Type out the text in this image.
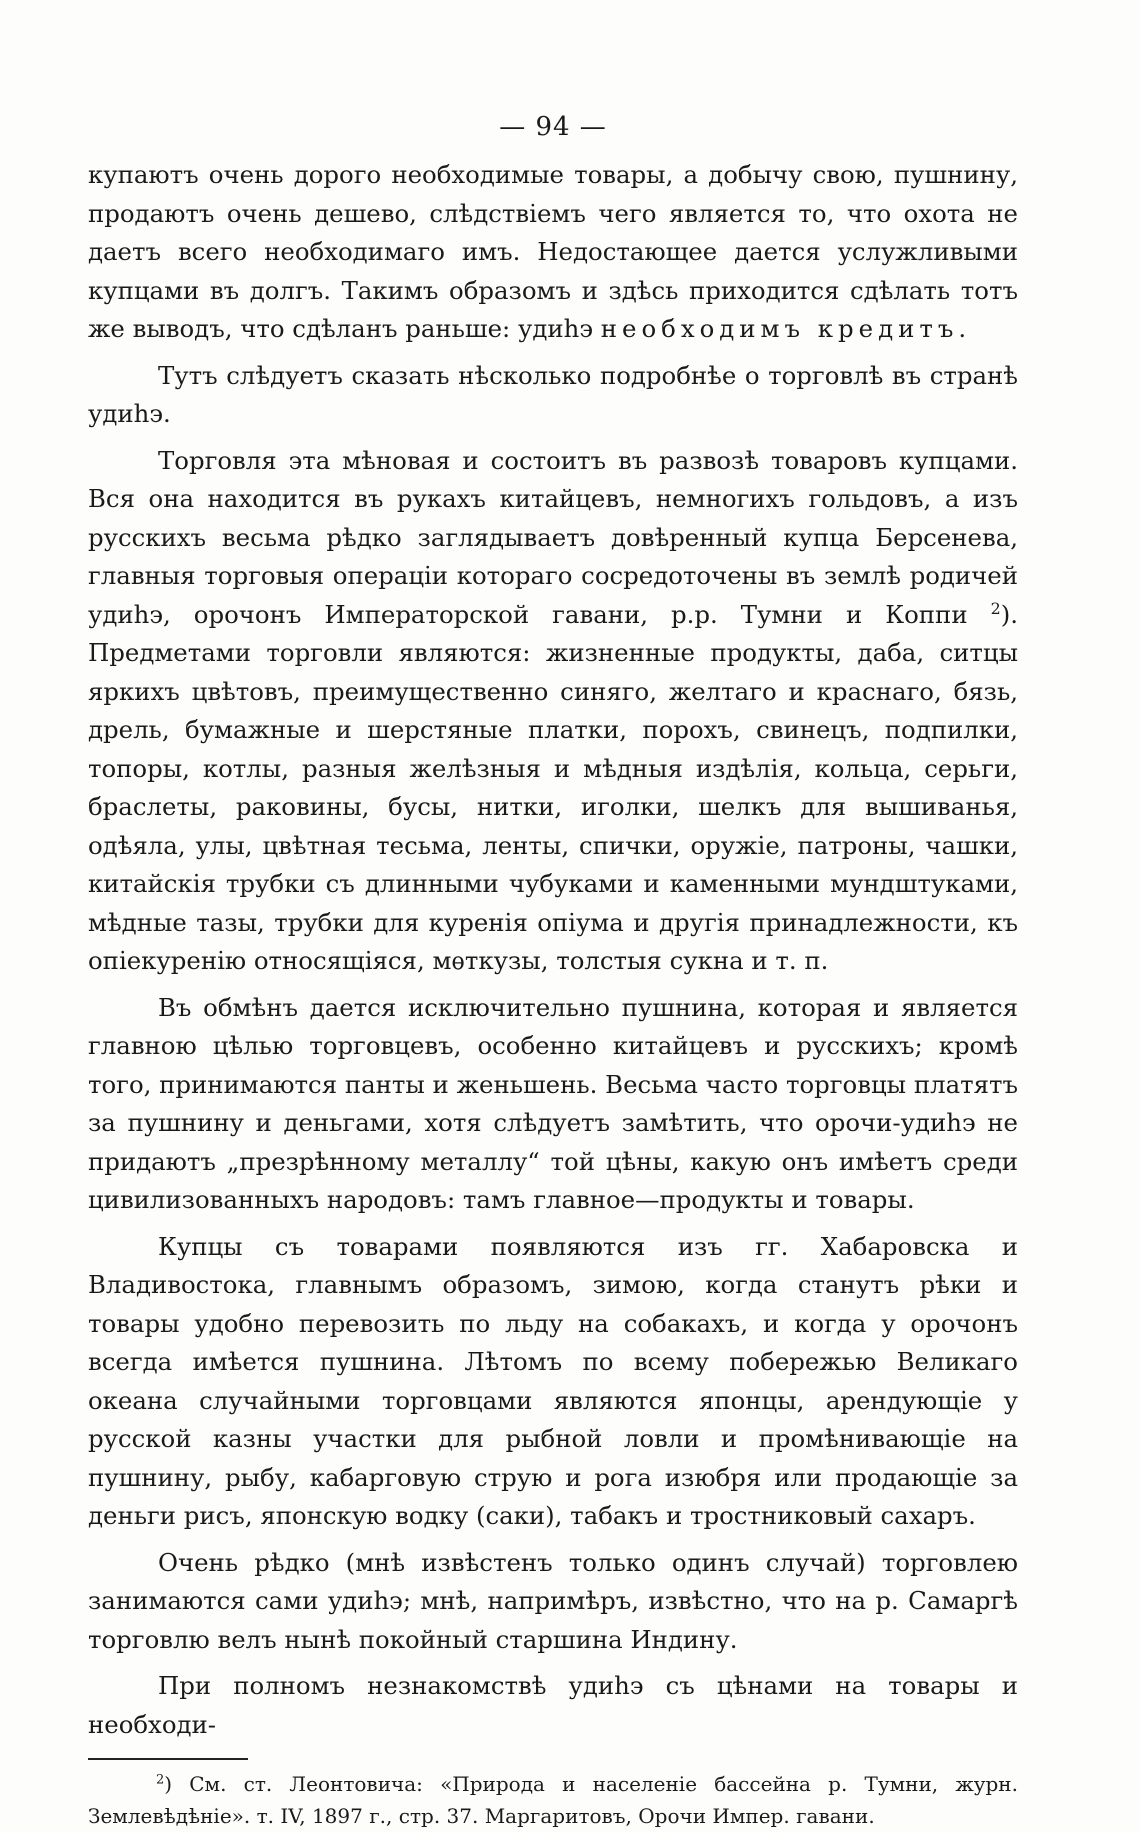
— 94 —

купаютъ очень дорого необходимые товары, а добычу свою, пушнину, продаютъ очень дешево, слѣдствіемъ чего является то, что охота не даетъ всего необходимаго имъ. Недостающее дается услужливыми купцами въ долгъ. Такимъ образомъ и здѣсь приходится сдѣлать тотъ же выводъ, что сдѣланъ раньше: удиһэ необходимъ кредитъ.

Тутъ слѣдуетъ сказать нѣсколько подробнѣе о торговлѣ въ странѣ удиһэ.

Торговля эта мѣновая и состоитъ въ развозѣ товаровъ купцами. Вся она находится въ рукахъ китайцевъ, немногихъ гольдовъ, а изъ русскихъ весьма рѣдко заглядываетъ довѣренный купца Берсенева, главныя торговыя операціи котораго сосредоточены въ землѣ родичей удиһэ, орочонъ Императорской гавани, р.р. Тумни и Коппи $^2$). Предметами торговли являются: жизненные продукты, даба, ситцы яркихъ цвѣтовъ, преимущественно синяго, желтаго и краснаго, бязь, дрель, бумажные и шерстяные платки, порохъ, свинецъ, подпилки, топоры, котлы, разныя желѣзныя и мѣдныя издѣлія, кольца, серьги, браслеты, раковины, бусы, нитки, иголки, шелкъ для вышиванья, одѣяла, улы, цвѣтная тесьма, ленты, спички, оружіе, патроны, чашки, китайскія трубки съ длинными чубуками и каменными мундштуками, мѣдные тазы, трубки для куренія опіума и другія принадлежности, къ опіекуренію относящіяся, мѳткузы, толстыя сукна и т. п.

Въ обмѣнъ дается исключительно пушнина, которая и является главною цѣлью торговцевъ, особенно китайцевъ и русскихъ; кромѣ того, принимаются панты и женьшень. Весьма часто торговцы платятъ за пушнину и деньгами, хотя слѣдуетъ замѣтить, что орочи-удиһэ не придаютъ „презрѣнному металлу“ той цѣны, какую онъ имѣетъ среди цивилизованныхъ народовъ: тамъ главное—продукты и товары.

Купцы съ товарами появляются изъ гг. Хабаровска и Владивостока, главнымъ образомъ, зимою, когда станутъ рѣки и товары удобно перевозить по льду на собакахъ, и когда у орочонъ всегда имѣется пушнина. Лѣтомъ по всему побережью Великаго океана случайными торговцами являются японцы, арендующіе у русской казны участки для рыбной ловли и промѣнивающіе на пушнину, рыбу, кабарговую струю и рога изюбря или продающіе за деньги рисъ, японскую водку (саки), табакъ и тростниковый сахаръ.

Очень рѣдко (мнѣ извѣстенъ только одинъ случай) торговлею занимаются сами удиһэ; мнѣ, напримѣръ, извѣстно, что на р. Самаргѣ торговлю велъ нынѣ покойный старшина Индину.

При полномъ незнакомствѣ удиһэ съ цѣнами на товары и необходи-

$^2$) См. ст. Леонтовича: «Природа и населеніе бассейна р. Тумни, журн. Землевѣдѣніе». т. IV, 1897 г., стр. 37. Маргаритовъ, Орочи Импер. гавани.
